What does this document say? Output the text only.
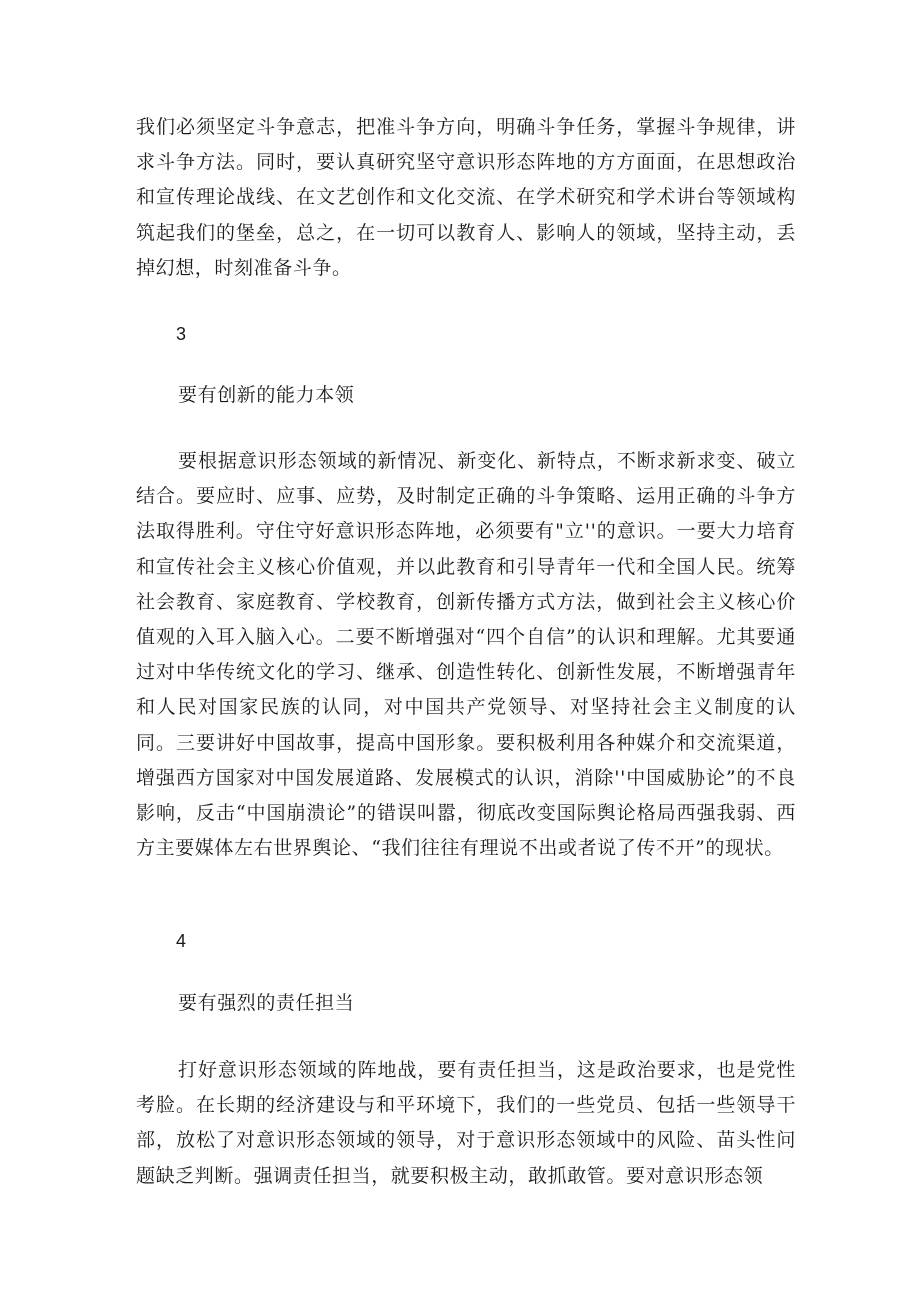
我们必须坚定斗争意志，把准斗争方向，明确斗争任务，掌握斗争规律，讲求斗争方法。同时，要认真研究坚守意识形态阵地的方方面面，在思想政治和宣传理论战线、在文艺创作和文化交流、在学术研究和学术讲台等领域构筑起我们的堡垒，总之，在一切可以教育人、影响人的领域，坚持主动，丢掉幻想，时刻准备斗争。

3

要有创新的能力本领

要根据意识形态领域的新情况、新变化、新特点，不断求新求变、破立结合。要应时、应事、应势，及时制定正确的斗争策略、运用正确的斗争方法取得胜利。守住守好意识形态阵地，必须要有"立''的意识。一要大力培育和宣传社会主义核心价值观，并以此教育和引导青年一代和全国人民。统筹社会教育、家庭教育、学校教育，创新传播方式方法，做到社会主义核心价值观的入耳入脑入心。二要不断增强对“四个自信”的认识和理解。尤其要通过对中华传统文化的学习、继承、创造性转化、创新性发展，不断增强青年和人民对国家民族的认同，对中国共产党领导、对坚持社会主义制度的认同。三要讲好中国故事，提高中国形象。要积极利用各种媒介和交流渠道，增强西方国家对中国发展道路、发展模式的认识，消除''中国威胁论”的不良影响，反击“中国崩溃论”的错误叫嚣，彻底改变国际舆论格局西强我弱、西方主要媒体左右世界舆论、“我们往往有理说不出或者说了传不开”的现状。

4

要有强烈的责任担当

打好意识形态领域的阵地战，要有责任担当，这是政治要求，也是党性考脸。在长期的经济建设与和平环境下，我们的一些党员、包括一些领导干部，放松了对意识形态领域的领导，对于意识形态领域中的风险、苗头性问题缺乏判断。强调责任担当，就要积极主动，敢抓敢管。要对意识形态领
